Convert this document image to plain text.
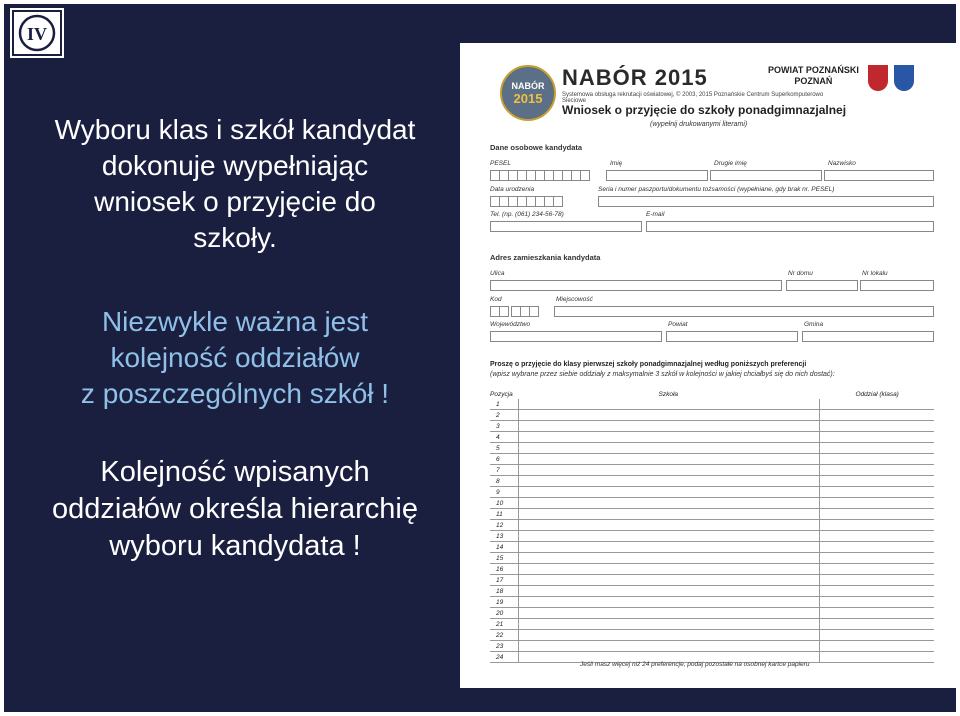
IV
Wyboru klas i szkół kandydat
dokonuje wypełniając
wniosek o przyjęcie do
szkoły.
Niezwykle ważna jest
kolejność oddziałów
z poszczególnych szkół !
Kolejność wpisanych
oddziałów określa hierarchię
wyboru kandydata !
NABÓR
2015
NABÓR 2015
Systemowa obsługa rekrutacji oświatowej, © 2003, 2015 Poznańskie Centrum Superkomputerowo Sieciowe
Wniosek o przyjęcie do szkoły ponadgimnazjalnej
(wypełnij drukowanymi literami)
POWIAT POZNAŃSKI
POZNAŃ
Dane osobowe kandydata
PESEL	Imię	Drugie imię	Nazwisko
Data urodzenia	Seria i numer paszportu/dokumentu tożsamości (wypełniane, gdy brak nr. PESEL)
Tel. (np. (061) 234-56-78)	E-mail
Adres zamieszkania kandydata
Ulica	Nr domu	Nr lokalu
Kod	Miejscowość
Województwo	Powiat	Gmina
Proszę o przyjęcie do klasy pierwszej szkoły ponadgimnazjalnej według poniższych preferencji
(wpisz wybrane przez siebie oddziały z maksymalnie 3 szkół w kolejności w jakiej chciałbyś się do nich dostać):
Pozycja	Szkoła	Oddział (klasa)
1		
2		
3		
4		
5		
6		
7		
8		
9		
10		
11		
12		
13		
14		
15		
16		
17		
18		
19		
20		
21		
22		
23		
24		
Jeśli masz więcej niż 24 preferencje, podaj pozostałe na osobnej kartce papieru
